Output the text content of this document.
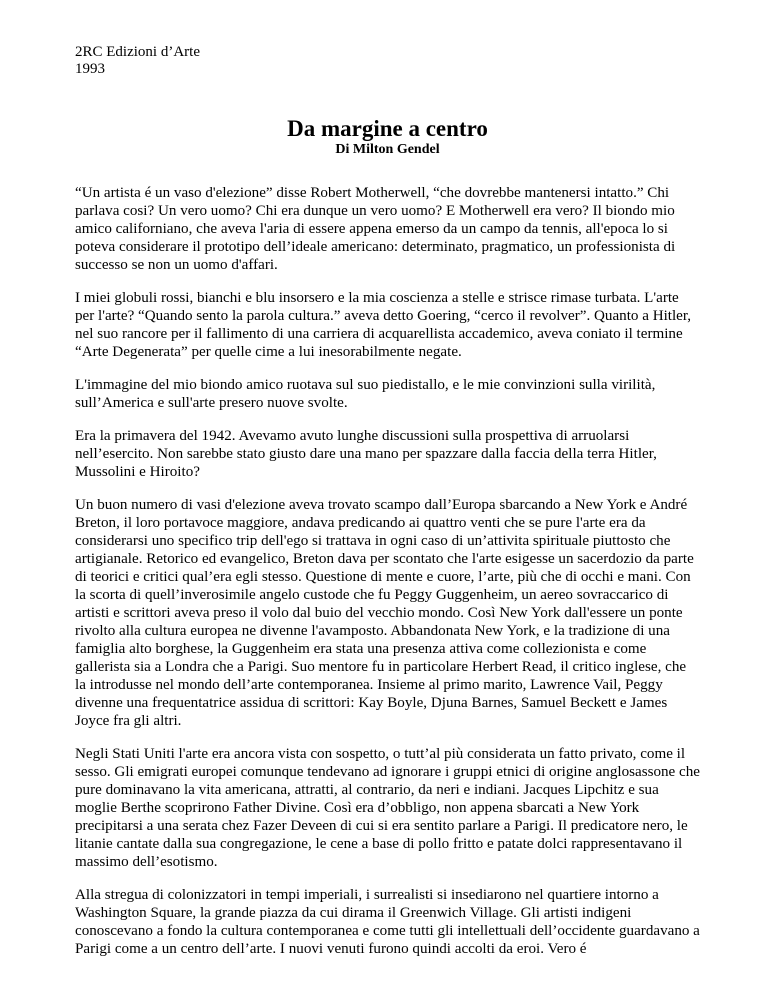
2RC Edizioni d’Arte
1993
Da margine a centro
Di Milton Gendel

“Un artista é un vaso d'elezione” disse Robert Motherwell, “che dovrebbe mantenersi intatto.” Chi parlava cosi? Un vero uomo? Chi era dunque un vero uomo? E Motherwell era vero? Il biondo mio amico californiano, che aveva l'aria di essere appena emerso da un campo da tennis, all'epoca lo si poteva considerare il prototipo dell’ideale americano: determinato, pragmatico, un professionista di successo se non un uomo d'affari.

I miei globuli rossi, bianchi e blu insorsero e la mia coscienza a stelle e strisce rimase turbata. L'arte per l'arte? “Quando sento la parola cultura.” aveva detto Goering, “cerco il revolver”. Quanto a Hitler, nel suo rancore per il fallimento di una carriera di acquarellista accademico, aveva coniato il termine “Arte Degenerata” per quelle cime a lui inesorabilmente negate.

L'immagine del mio biondo amico ruotava sul suo piedistallo, e le mie convinzioni sulla virilità, sull’America e sull'arte presero nuove svolte.

Era la primavera del 1942. Avevamo avuto lunghe discussioni sulla prospettiva di arruolarsi nell’esercito. Non sarebbe stato giusto dare una mano per spazzare dalla faccia della terra Hitler, Mussolini e Hiroito?

Un buon numero di vasi d'elezione aveva trovato scampo dall’Europa sbarcando a New York e André Breton, il loro portavoce maggiore, andava predicando ai quattro venti che se pure l'arte era da considerarsi uno specifico trip dell'ego si trattava in ogni caso di un’attivita spirituale piuttosto che artigianale. Retorico ed evangelico, Breton dava per scontato che l'arte esigesse un sacerdozio da parte di teorici e critici qual’era egli stesso. Questione di mente e cuore, l’arte, più che di occhi e mani. Con la scorta di quell’inverosimile angelo custode che fu Peggy Guggenheim, un aereo sovraccarico di artisti e scrittori aveva preso il volo dal buio del vecchio mondo. Così New York dall'essere un ponte rivolto alla cultura europea ne divenne l'avamposto. Abbandonata New York, e la tradizione di una famiglia alto borghese, la Guggenheim era stata una presenza attiva come collezionista e come gallerista sia a Londra che a Parigi. Suo mentore fu in particolare Herbert Read, il critico inglese, che la introdusse nel mondo dell’arte contemporanea. Insieme al primo marito, Lawrence Vail, Peggy divenne una frequentatrice assidua di scrittori: Kay Boyle, Djuna Barnes, Samuel Beckett e James Joyce fra gli altri.

Negli Stati Uniti l'arte era ancora vista con sospetto, o tutt’al più considerata un fatto privato, come il sesso. Gli emigrati europei comunque tendevano ad ignorare i gruppi etnici di origine anglosassone che pure dominavano la vita americana, attratti, al contrario, da neri e indiani. Jacques Lipchitz e sua moglie Berthe scoprirono Father Divine. Così era d’obbligo, non appena sbarcati a New York precipitarsi a una serata chez Fazer Deveen di cui si era sentito parlare a Parigi. Il predicatore nero, le litanie cantate dalla sua congregazione, le cene a base di pollo fritto e patate dolci rappresentavano il massimo dell’esotismo.

Alla stregua di colonizzatori in tempi imperiali, i surrealisti si insediarono nel quartiere intorno a Washington Square, la grande piazza da cui dirama il Greenwich Village. Gli artisti indigeni conoscevano a fondo la cultura contemporanea e come tutti gli intellettuali dell’occidente guardavano a Parigi come a un centro dell’arte. I nuovi venuti furono quindi accolti da eroi. Vero é
